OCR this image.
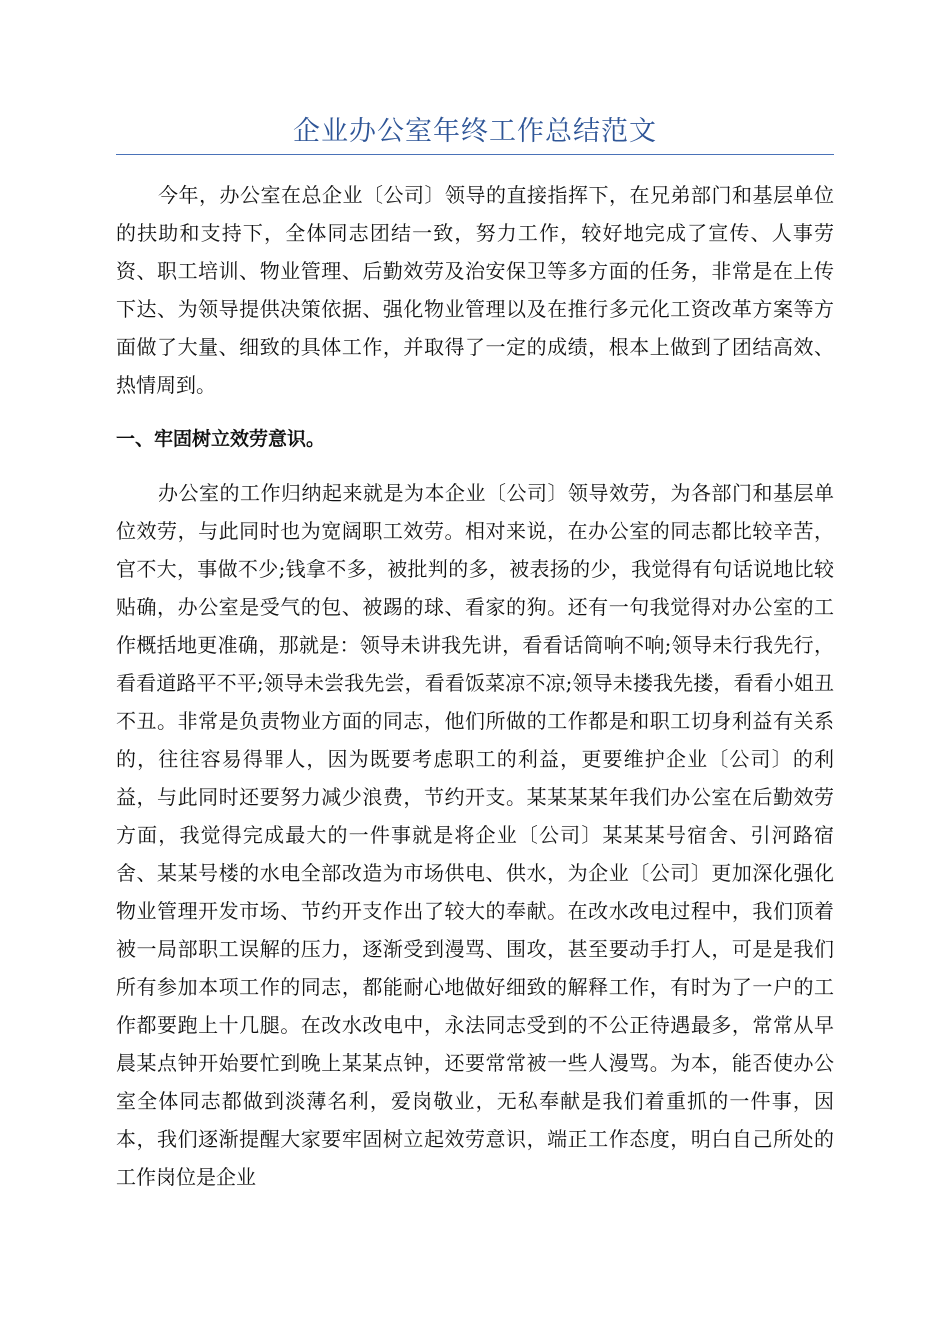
企业办公室年终工作总结范文

今年，办公室在总企业〔公司〕领导的直接指挥下，在兄弟部门和基层单位的扶助和支持下，全体同志团结一致，努力工作，较好地完成了宣传、人事劳资、职工培训、物业管理、后勤效劳及治安保卫等多方面的任务，非常是在上传下达、为领导提供决策依据、强化物业管理以及在推行多元化工资改革方案等方面做了大量、细致的具体工作，并取得了一定的成绩，根本上做到了团结高效、热情周到。

一、牢固树立效劳意识。

办公室的工作归纳起来就是为本企业〔公司〕领导效劳，为各部门和基层单位效劳，与此同时也为宽阔职工效劳。相对来说，在办公室的同志都比较辛苦，官不大，事做不少;钱拿不多，被批判的多，被表扬的少，我觉得有句话说地比较贴确，办公室是受气的包、被踢的球、看家的狗。还有一句我觉得对办公室的工作概括地更准确，那就是：领导未讲我先讲，看看话筒响不响;领导未行我先行，看看道路平不平;领导未尝我先尝，看看饭菜凉不凉;领导未搂我先搂，看看小姐丑不丑。非常是负责物业方面的同志，他们所做的工作都是和职工切身利益有关系的，往往容易得罪人，因为既要考虑职工的利益，更要维护企业〔公司〕的利益，与此同时还要努力减少浪费，节约开支。某某某某年我们办公室在后勤效劳方面，我觉得完成最大的一件事就是将企业〔公司〕某某某号宿舍、引河路宿舍、某某号楼的水电全部改造为市场供电、供水，为企业〔公司〕更加深化强化物业管理开发市场、节约开支作出了较大的奉献。在改水改电过程中，我们顶着被一局部职工误解的压力，逐渐受到漫骂、围攻，甚至要动手打人，可是是我们所有参加本项工作的同志，都能耐心地做好细致的解释工作，有时为了一户的工作都要跑上十几腿。在改水改电中，永法同志受到的不公正待遇最多，常常从早晨某点钟开始要忙到晚上某某点钟，还要常常被一些人漫骂。为本，能否使办公室全体同志都做到淡薄名利，爱岗敬业，无私奉献是我们着重抓的一件事，因本，我们逐渐提醒大家要牢固树立起效劳意识，端正工作态度，明白自己所处的工作岗位是企业
